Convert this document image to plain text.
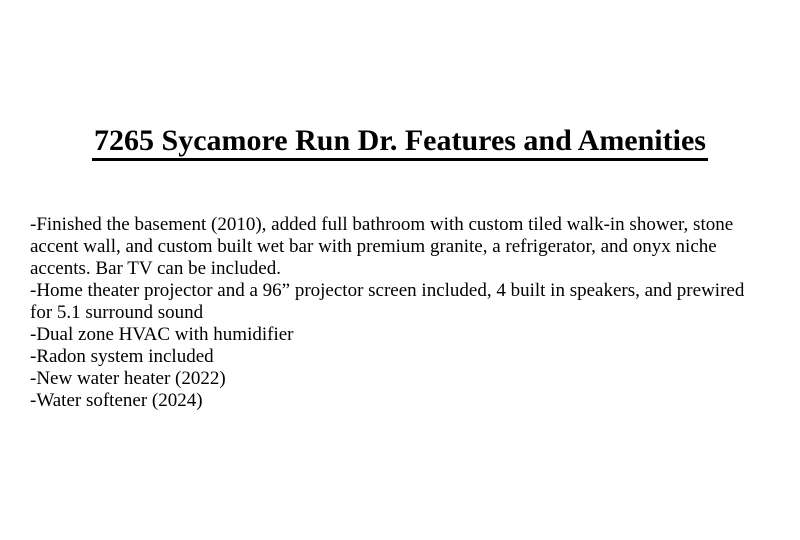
7265 Sycamore Run Dr. Features and Amenities

-Finished the basement (2010), added full bathroom with custom tiled walk-in shower, stone
accent wall, and custom built wet bar with premium granite, a refrigerator, and onyx niche
accents. Bar TV can be included.

-Home theater projector and a 96” projector screen included, 4 built in speakers, and prewired
for 5.1 surround sound

-Dual zone HVAC with humidifier

-Radon system included

-New water heater (2022)

-Water softener (2024)
